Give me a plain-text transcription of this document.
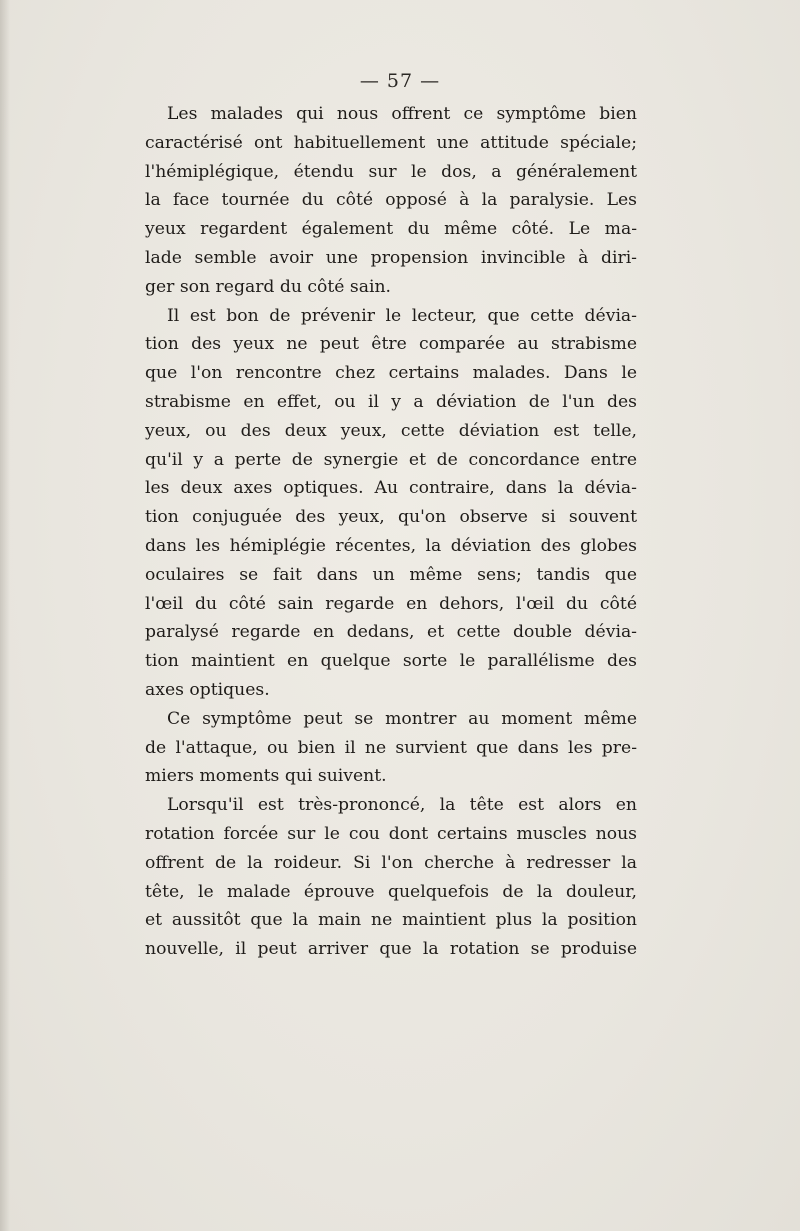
— 57 —
Les malades qui nous offrent ce symptôme bien
caractérisé ont habituellement une attitude spéciale;
l'hémiplégique, étendu sur le dos, a généralement
la face tournée du côté opposé à la paralysie. Les
yeux regardent également du même côté. Le ma-
lade semble avoir une propension invincible à diri-
ger son regard du côté sain.
Il est bon de prévenir le lecteur, que cette dévia-
tion des yeux ne peut être comparée au strabisme
que l'on rencontre chez certains malades. Dans le
strabisme en effet, ou il y a déviation de l'un des
yeux, ou des deux yeux, cette déviation est telle,
qu'il y a perte de synergie et de concordance entre
les deux axes optiques. Au contraire, dans la dévia-
tion conjuguée des yeux, qu'on observe si souvent
dans les hémiplégie récentes, la déviation des globes
oculaires se fait dans un même sens; tandis que
l'œil du côté sain regarde en dehors, l'œil du côté
paralysé regarde en dedans, et cette double dévia-
tion maintient en quelque sorte le parallélisme des
axes optiques.
Ce symptôme peut se montrer au moment même
de l'attaque, ou bien il ne survient que dans les pre-
miers moments qui suivent.
Lorsqu'il est très-prononcé, la tête est alors en
rotation forcée sur le cou dont certains muscles nous
offrent de la roideur. Si l'on cherche à redresser la
tête, le malade éprouve quelquefois de la douleur,
et aussitôt que la main ne maintient plus la position
nouvelle, il peut arriver que la rotation se produise
